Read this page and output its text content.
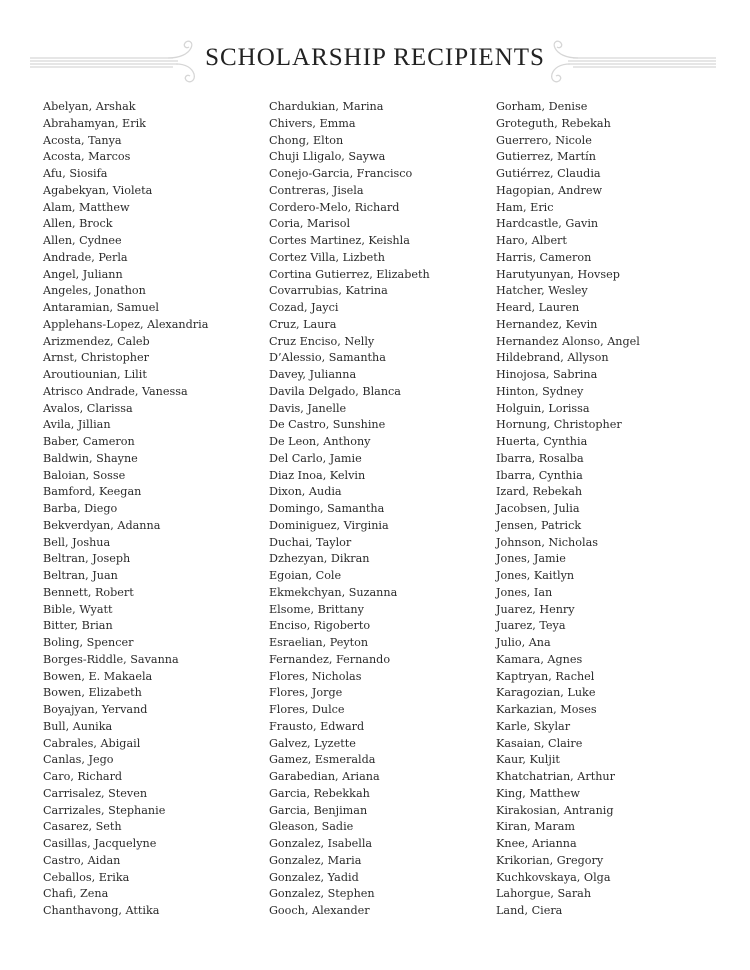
SCHOLARSHIP RECIPIENTS
Abelyan, Arshak
Abrahamyan, Erik
Acosta, Tanya
Acosta, Marcos
Afu, Siosifa
Agabekyan, Violeta
Alam, Matthew
Allen, Brock
Allen, Cydnee
Andrade, Perla
Angel, Juliann
Angeles, Jonathon
Antaramian, Samuel
Applehans-Lopez, Alexandria
Arizmendez, Caleb
Arnst, Christopher
Aroutiounian, Lilit
Atrisco Andrade, Vanessa
Avalos, Clarissa
Avila, Jillian
Baber, Cameron
Baldwin, Shayne
Baloian, Sosse
Bamford, Keegan
Barba, Diego
Bekverdyan, Adanna
Bell, Joshua
Beltran, Joseph
Beltran, Juan
Bennett, Robert
Bible, Wyatt
Bitter, Brian
Boling, Spencer
Borges-Riddle, Savanna
Bowen, E. Makaela
Bowen, Elizabeth
Boyajyan, Yervand
Bull, Aunika
Cabrales, Abigail
Canlas, Jego
Caro, Richard
Carrisalez, Steven
Carrizales, Stephanie
Casarez, Seth
Casillas, Jacquelyne
Castro, Aidan
Ceballos, Erika
Chafi, Zena
Chanthavong, Attika
Chardukian, Marina
Chivers, Emma
Chong, Elton
Chuji Lligalo, Saywa
Conejo-Garcia, Francisco
Contreras, Jisela
Cordero-Melo, Richard
Coria, Marisol
Cortes Martinez, Keishla
Cortez Villa, Lizbeth
Cortina Gutierrez, Elizabeth
Covarrubias, Katrina
Cozad, Jayci
Cruz, Laura
Cruz Enciso, Nelly
D’Alessio, Samantha
Davey, Julianna
Davila Delgado, Blanca
Davis, Janelle
De Castro, Sunshine
De Leon, Anthony
Del Carlo, Jamie
Diaz Inoa, Kelvin
Dixon, Audia
Domingo, Samantha
Dominiguez, Virginia
Duchai, Taylor
Dzhezyan, Dikran
Egoian, Cole
Ekmekchyan, Suzanna
Elsome, Brittany
Enciso, Rigoberto
Esraelian, Peyton
Fernandez, Fernando
Flores, Nicholas
Flores, Jorge
Flores, Dulce
Frausto, Edward
Galvez, Lyzette
Gamez, Esmeralda
Garabedian, Ariana
Garcia, Rebekkah
Garcia, Benjiman
Gleason, Sadie
Gonzalez, Isabella
Gonzalez, Maria
Gonzalez, Yadid
Gonzalez, Stephen
Gooch, Alexander
Gorham, Denise
Groteguth, Rebekah
Guerrero, Nicole
Gutierrez, Martín
Gutiérrez, Claudia
Hagopian, Andrew
Ham, Eric
Hardcastle, Gavin
Haro, Albert
Harris, Cameron
Harutyunyan, Hovsep
Hatcher, Wesley
Heard, Lauren
Hernandez, Kevin
Hernandez Alonso, Angel
Hildebrand, Allyson
Hinojosa, Sabrina
Hinton, Sydney
Holguin, Lorissa
Hornung, Christopher
Huerta, Cynthia
Ibarra, Rosalba
Ibarra, Cynthia
Izard, Rebekah
Jacobsen, Julia
Jensen, Patrick
Johnson, Nicholas
Jones, Jamie
Jones, Kaitlyn
Jones, Ian
Juarez, Henry
Juarez, Teya
Julio, Ana
Kamara, Agnes
Kaptryan, Rachel
Karagozian, Luke
Karkazian, Moses
Karle, Skylar
Kasaian, Claire
Kaur, Kuljit
Khatchatrian, Arthur
King, Matthew
Kirakosian, Antranig
Kiran, Maram
Knee, Arianna
Krikorian, Gregory
Kuchkovskaya, Olga
Lahorgue, Sarah
Land, Ciera
